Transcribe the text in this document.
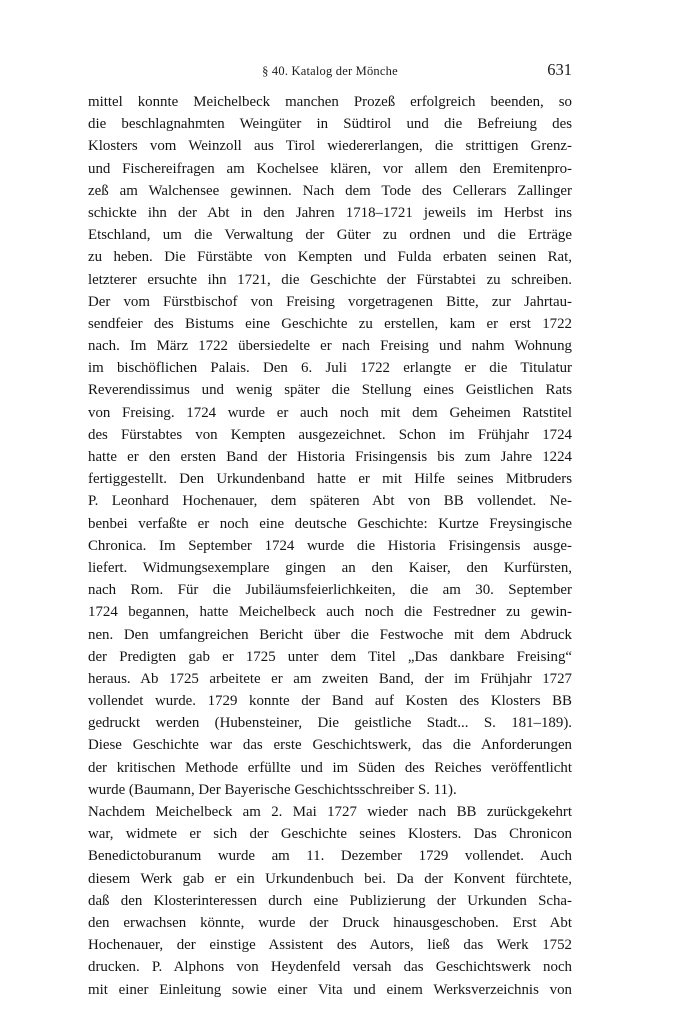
§ 40. Katalog der Mönche	631
mittel konnte Meichelbeck manchen Prozeß erfolgreich beenden, so
die beschlagnahmten Weingüter in Südtirol und die Befreiung des
Klosters vom Weinzoll aus Tirol wiedererlangen, die strittigen Grenz-
und Fischereifragen am Kochelsee klären, vor allem den Eremitenpro-
zeß am Walchensee gewinnen. Nach dem Tode des Cellerars Zallinger
schickte ihn der Abt in den Jahren 1718–1721 jeweils im Herbst ins
Etschland, um die Verwaltung der Güter zu ordnen und die Erträge
zu heben. Die Fürstäbte von Kempten und Fulda erbaten seinen Rat,
letzterer ersuchte ihn 1721, die Geschichte der Fürstabtei zu schreiben.
Der vom Fürstbischof von Freising vorgetragenen Bitte, zur Jahrtau-
sendfeier des Bistums eine Geschichte zu erstellen, kam er erst 1722
nach. Im März 1722 übersiedelte er nach Freising und nahm Wohnung
im bischöflichen Palais. Den 6. Juli 1722 erlangte er die Titulatur
Reverendissimus und wenig später die Stellung eines Geistlichen Rats
von Freising. 1724 wurde er auch noch mit dem Geheimen Ratstitel
des Fürstabtes von Kempten ausgezeichnet. Schon im Frühjahr 1724
hatte er den ersten Band der Historia Frisingensis bis zum Jahre 1224
fertiggestellt. Den Urkundenband hatte er mit Hilfe seines Mitbruders
P. Leonhard Hochenauer, dem späteren Abt von BB vollendet. Ne-
benbei verfaßte er noch eine deutsche Geschichte: Kurtze Freysingische
Chronica. Im September 1724 wurde die Historia Frisingensis ausge-
liefert. Widmungsexemplare gingen an den Kaiser, den Kurfürsten,
nach Rom. Für die Jubiläumsfeierlichkeiten, die am 30. September
1724 begannen, hatte Meichelbeck auch noch die Festredner zu gewin-
nen. Den umfangreichen Bericht über die Festwoche mit dem Abdruck
der Predigten gab er 1725 unter dem Titel „Das dankbare Freising“
heraus. Ab 1725 arbeitete er am zweiten Band, der im Frühjahr 1727
vollendet wurde. 1729 konnte der Band auf Kosten des Klosters BB
gedruckt werden (Hubensteiner, Die geistliche Stadt... S. 181–189).
Diese Geschichte war das erste Geschichtswerk, das die Anforderungen
der kritischen Methode erfüllte und im Süden des Reiches veröffentlicht
wurde (Baumann, Der Bayerische Geschichtsschreiber S. 11).
Nachdem Meichelbeck am 2. Mai 1727 wieder nach BB zurückgekehrt
war, widmete er sich der Geschichte seines Klosters. Das Chronicon
Benedictoburanum wurde am 11. Dezember 1729 vollendet. Auch
diesem Werk gab er ein Urkundenbuch bei. Da der Konvent fürchtete,
daß den Klosterinteressen durch eine Publizierung der Urkunden Scha-
den erwachsen könnte, wurde der Druck hinausgeschoben. Erst Abt
Hochenauer, der einstige Assistent des Autors, ließ das Werk 1752
drucken. P. Alphons von Heydenfeld versah das Geschichtswerk noch
mit einer Einleitung sowie einer Vita und einem Werksverzeichnis von
